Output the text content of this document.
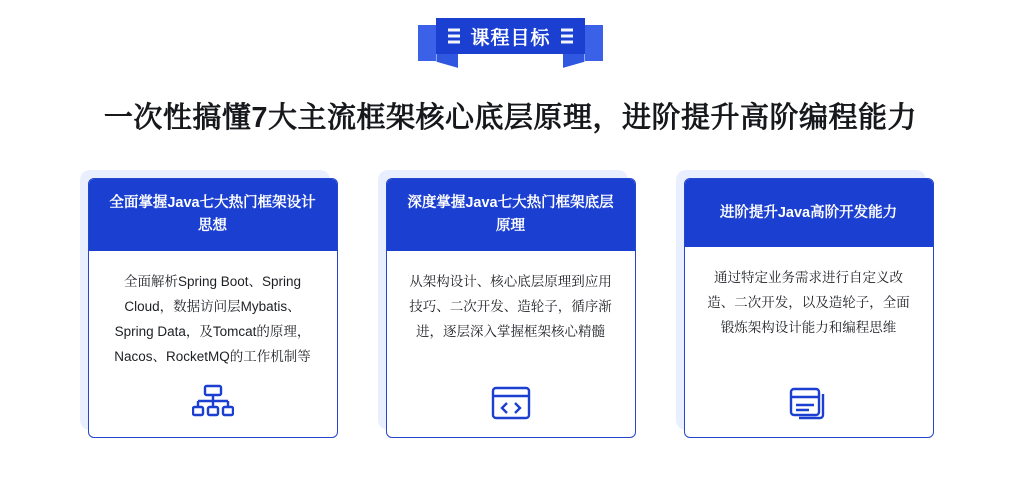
课程目标
一次性搞懂7大主流框架核心底层原理，进阶提升高阶编程能力
全面掌握Java七大热门框架设计思想
全面解析Spring Boot、Spring Cloud，数据访问层Mybatis、Spring Data，及Tomcat的原理，Nacos、RocketMQ的工作机制等
深度掌握Java七大热门框架底层原理
从架构设计、核心底层原理到应用技巧、二次开发、造轮子，循序渐进，逐层深入掌握框架核心精髓
进阶提升Java高阶开发能力
通过特定业务需求进行自定义改造、二次开发，以及造轮子，全面锻炼架构设计能力和编程思维
